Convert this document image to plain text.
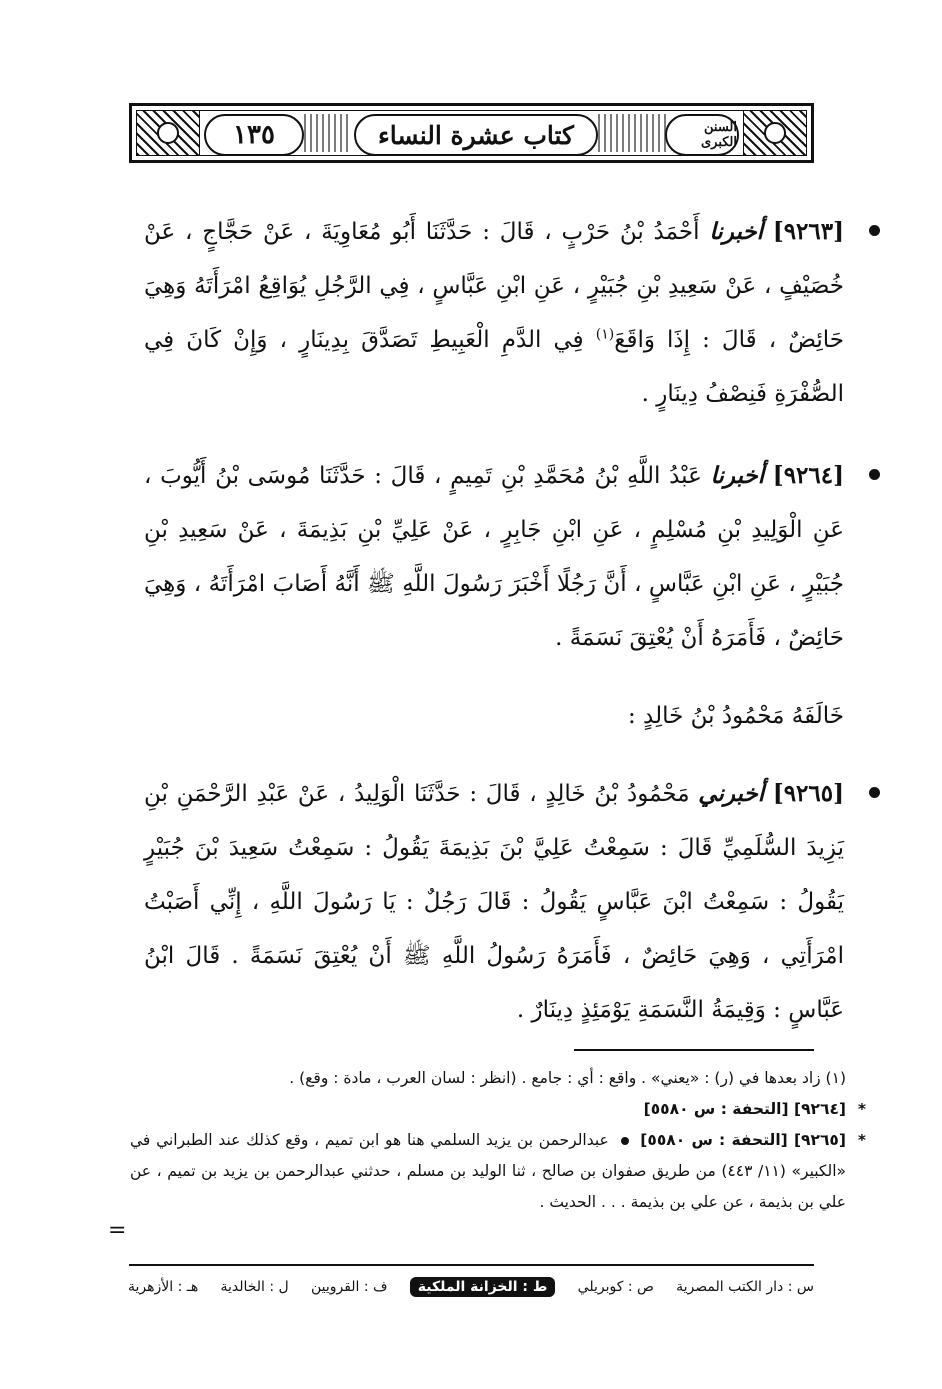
السنن الكبرى
كتاب عشرة النساء
١٣٥

[٩٢٦٣] أخبرنا أَحْمَدُ بْنُ حَرْبٍ ، قَالَ : حَدَّثَنَا أَبُو مُعَاوِيَةَ ، عَنْ حَجَّاجٍ ، عَنْ خُصَيْفٍ ، عَنْ سَعِيدِ بْنِ جُبَيْرٍ ، عَنِ ابْنِ عَبَّاسٍ ، فِي الرَّجُلِ يُوَاقِعُ امْرَأَتَهُ وَهِيَ حَائِضٌ ، قَالَ : إِذَا وَاقَعَ$^{(١)}$ فِي الدَّمِ الْعَبِيطِ تَصَدَّقَ بِدِينَارٍ ، وَإِنْ كَانَ فِي الصُّفْرَةِ فَنِصْفُ دِينَارٍ .

[٩٢٦٤] أخبرنا عَبْدُ اللَّهِ بْنُ مُحَمَّدِ بْنِ تَمِيمٍ ، قَالَ : حَدَّثَنَا مُوسَى بْنُ أَيُّوبَ ، عَنِ الْوَلِيدِ بْنِ مُسْلِمٍ ، عَنِ ابْنِ جَابِرٍ ، عَنْ عَلِيِّ بْنِ بَذِيمَةَ ، عَنْ سَعِيدِ بْنِ جُبَيْرٍ ، عَنِ ابْنِ عَبَّاسٍ ، أَنَّ رَجُلًا أَخْبَرَ رَسُولَ اللَّهِ ﷺ أَنَّهُ أَصَابَ امْرَأَتَهُ ، وَهِيَ حَائِضٌ ، فَأَمَرَهُ أَنْ يُعْتِقَ نَسَمَةً .

خَالَفَهُ مَحْمُودُ بْنُ خَالِدٍ :

[٩٢٦٥] أخبرني مَحْمُودُ بْنُ خَالِدٍ ، قَالَ : حَدَّثَنَا الْوَلِيدُ ، عَنْ عَبْدِ الرَّحْمَنِ بْنِ يَزِيدَ السُّلَمِيِّ قَالَ : سَمِعْتُ عَلِيَّ بْنَ بَذِيمَةَ يَقُولُ : سَمِعْتُ سَعِيدَ بْنَ جُبَيْرٍ يَقُولُ : سَمِعْتُ ابْنَ عَبَّاسٍ يَقُولُ : قَالَ رَجُلٌ : يَا رَسُولَ اللَّهِ ، إِنِّي أَصَبْتُ امْرَأَتِي ، وَهِيَ حَائِضٌ ، فَأَمَرَهُ رَسُولُ اللَّهِ ﷺ أَنْ يُعْتِقَ نَسَمَةً . قَالَ ابْنُ عَبَّاسٍ : وَقِيمَةُ النَّسَمَةِ يَوْمَئِذٍ دِينَارٌ .

(١) زاد بعدها في (ر) : «يعني» . واقع : أي : جامع . (انظر : لسان العرب ، مادة : وقع) .

*
[٩٢٦٤] [التحفة : س ٥٥٨٠]

*
[٩٢٦٥] [التحفة : س ٥٥٨٠]  عبدالرحمن بن يزيد السلمي هنا هو ابن تميم ، وقع كذلك عند الطبراني في «الكبير» (١١/ ٤٤٣) من طريق صفوان بن صالح ، ثنا الوليد بن مسلم ، حدثني عبدالرحمن بن يزيد بن تميم ، عن علي بن بذيمة ، عن علي بن بذيمة . . . الحديث .

=
س : دار الكتب المصرية
ص : كوبريلي
ط : الخزانة الملكية
ف : القرويين
ل : الخالدية
هـ : الأزهرية
